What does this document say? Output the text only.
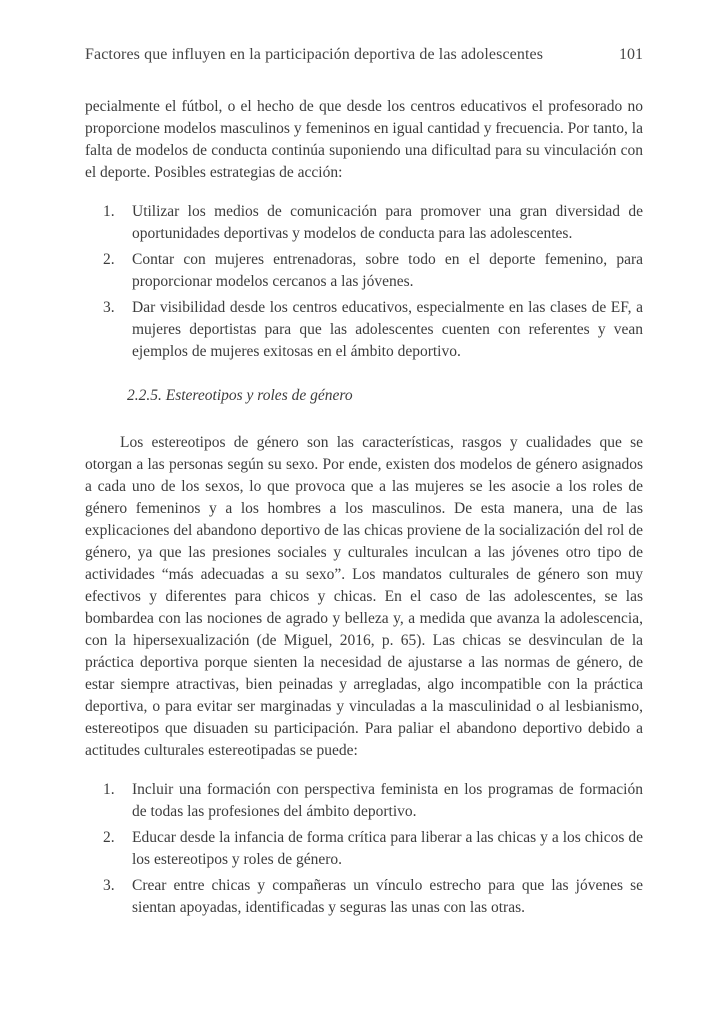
Factores que influyen en la participación deportiva de las adolescentes	101

pecialmente el fútbol, o el hecho de que desde los centros educativos el profesorado no proporcione modelos masculinos y femeninos en igual cantidad y frecuencia. Por tanto, la falta de modelos de conducta continúa suponiendo una dificultad para su vinculación con el deporte. Posibles estrategias de acción:

1.	Utilizar los medios de comunicación para promover una gran diversidad de oportunidades deportivas y modelos de conducta para las adolescentes.
2.	Contar con mujeres entrenadoras, sobre todo en el deporte femenino, para proporcionar modelos cercanos a las jóvenes.
3.	Dar visibilidad desde los centros educativos, especialmente en las clases de EF, a mujeres deportistas para que las adolescentes cuenten con referentes y vean ejemplos de mujeres exitosas en el ámbito deportivo.
2.2.5. Estereotipos y roles de género

Los estereotipos de género son las características, rasgos y cualidades que se otorgan a las personas según su sexo. Por ende, existen dos modelos de género asignados a cada uno de los sexos, lo que provoca que a las mujeres se les asocie a los roles de género femeninos y a los hombres a los masculinos. De esta manera, una de las explicaciones del abandono deportivo de las chicas proviene de la socialización del rol de género, ya que las presiones sociales y culturales inculcan a las jóvenes otro tipo de actividades “más adecuadas a su sexo”. Los mandatos culturales de género son muy efectivos y diferentes para chicos y chicas. En el caso de las adolescentes, se las bombardea con las nociones de agrado y belleza y, a medida que avanza la adolescencia, con la hipersexualización (de Miguel, 2016, p. 65). Las chicas se desvinculan de la práctica deportiva porque sienten la necesidad de ajustarse a las normas de género, de estar siempre atractivas, bien peinadas y arregladas, algo incompatible con la práctica deportiva, o para evitar ser marginadas y vinculadas a la masculinidad o al lesbianismo, estereotipos que disuaden su participación. Para paliar el abandono deportivo debido a actitudes culturales estereotipadas se puede:

1.	Incluir una formación con perspectiva feminista en los programas de formación de todas las profesiones del ámbito deportivo.
2.	Educar desde la infancia de forma crítica para liberar a las chicas y a los chicos de los estereotipos y roles de género.
3.	Crear entre chicas y compañeras un vínculo estrecho para que las jóvenes se sientan apoyadas, identificadas y seguras las unas con las otras.
